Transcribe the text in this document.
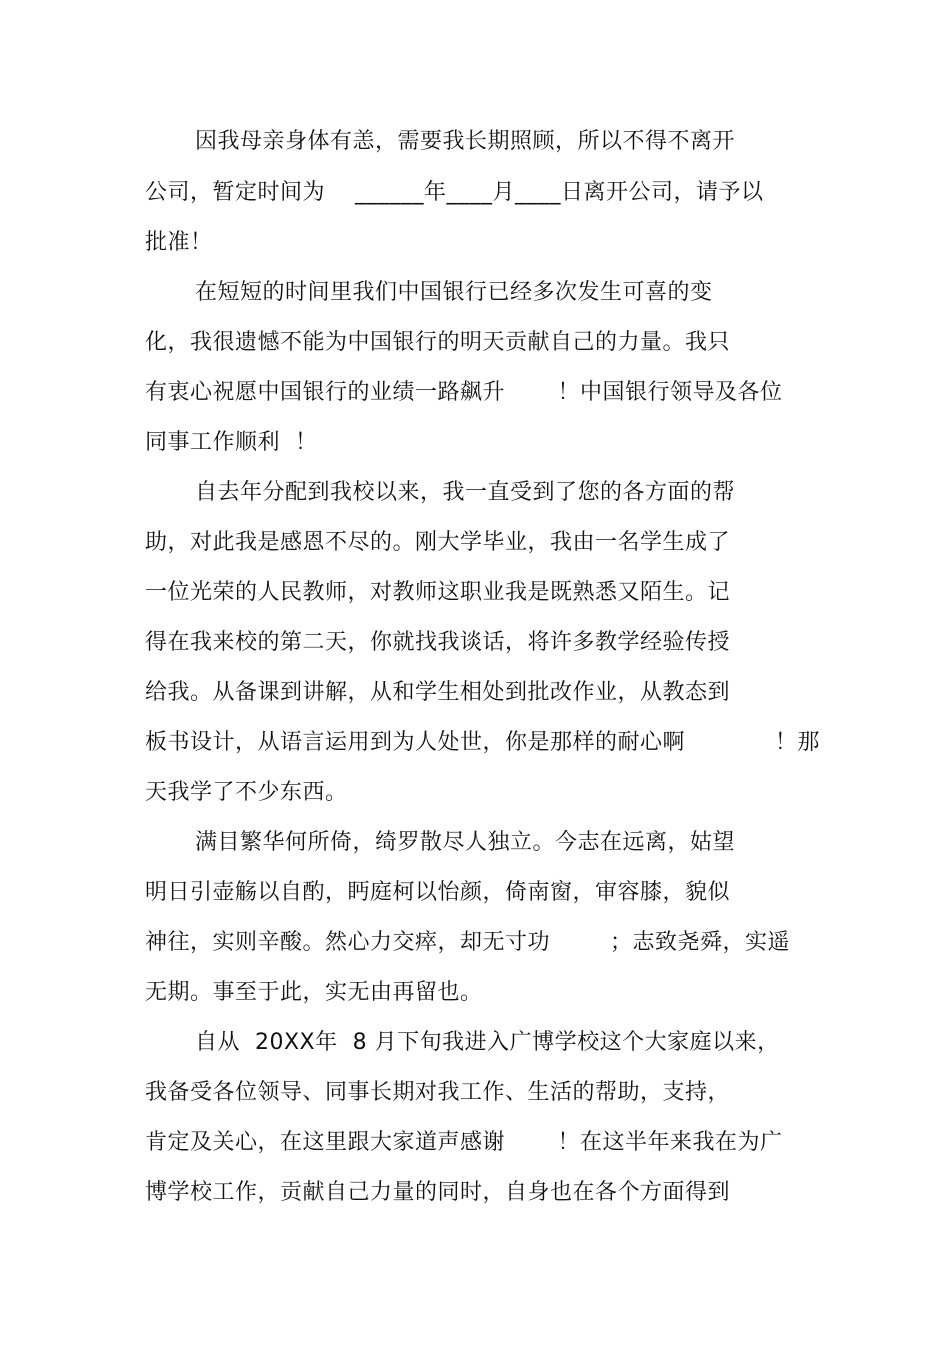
因我母亲身体有恙，需要我长期照顾，所以不得不离开
公司，暂定时间为    ______年____月____日离开公司，请予以
批准！
在短短的时间里我们中国银行已经多次发生可喜的变
化，我很遗憾不能为中国银行的明天贡献自己的力量。我只
有衷心祝愿中国银行的业绩一路飙升       ！中国银行领导及各位
同事工作顺利  ！
自去年分配到我校以来，我一直受到了您的各方面的帮
助，对此我是感恩不尽的。刚大学毕业，我由一名学生成了
一位光荣的人民教师，对教师这职业我是既熟悉又陌生。记
得在我来校的第二天，你就找我谈话，将许多教学经验传授
给我。从备课到讲解，从和学生相处到批改作业，从教态到
板书设计，从语言运用到为人处世，你是那样的耐心啊            ！那
天我学了不少东西。
满目繁华何所倚，绮罗散尽人独立。今志在远离，姑望
明日引壶觞以自酌，眄庭柯以怡颜，倚南窗，审容膝，貌似
神往，实则辛酸。然心力交瘁，却无寸功        ；志致尧舜，实遥
无期。事至于此，实无由再留也。
自从  20XX年  8 月下旬我进入广博学校这个大家庭以来，
我备受各位领导、同事长期对我工作、生活的帮助，支持，
肯定及关心，在这里跟大家道声感谢       ！在这半年来我在为广
博学校工作，贡献自己力量的同时，自身也在各个方面得到
